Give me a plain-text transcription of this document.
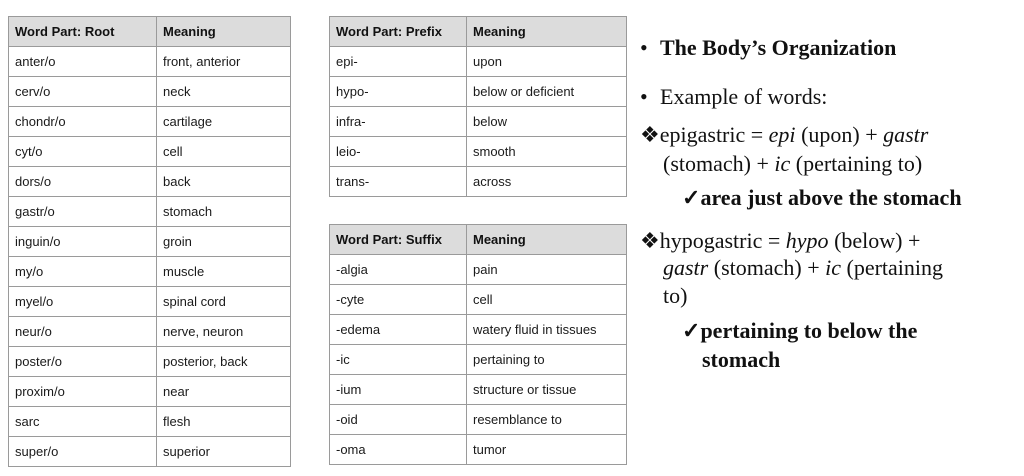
Word Part: Root	Meaning
anter/o	front, anterior
cerv/o	neck
chondr/o	cartilage
cyt/o	cell
dors/o	back
gastr/o	stomach
inguin/o	groin
my/o	muscle
myel/o	spinal cord
neur/o	nerve, neuron
poster/o	posterior, back
proxim/o	near
sarc	flesh
super/o	superior
Word Part: Prefix	Meaning
epi-	upon
hypo-	below or deficient
infra-	below
leio-	smooth
trans-	across
Word Part: Suffix	Meaning
-algia	pain
-cyte	cell
-edema	watery fluid in tissues
-ic	pertaining to
-ium	structure or tissue
-oid	resemblance to
-oma	tumor
• The Body’s Organization
• Example of words:
❖epigastric = epi (upon) + gastr
(stomach) + ic (pertaining to)
✓area just above the stomach
❖hypogastric = hypo (below) +
gastr (stomach) + ic (pertaining
to)
✓pertaining to below the
stomach
